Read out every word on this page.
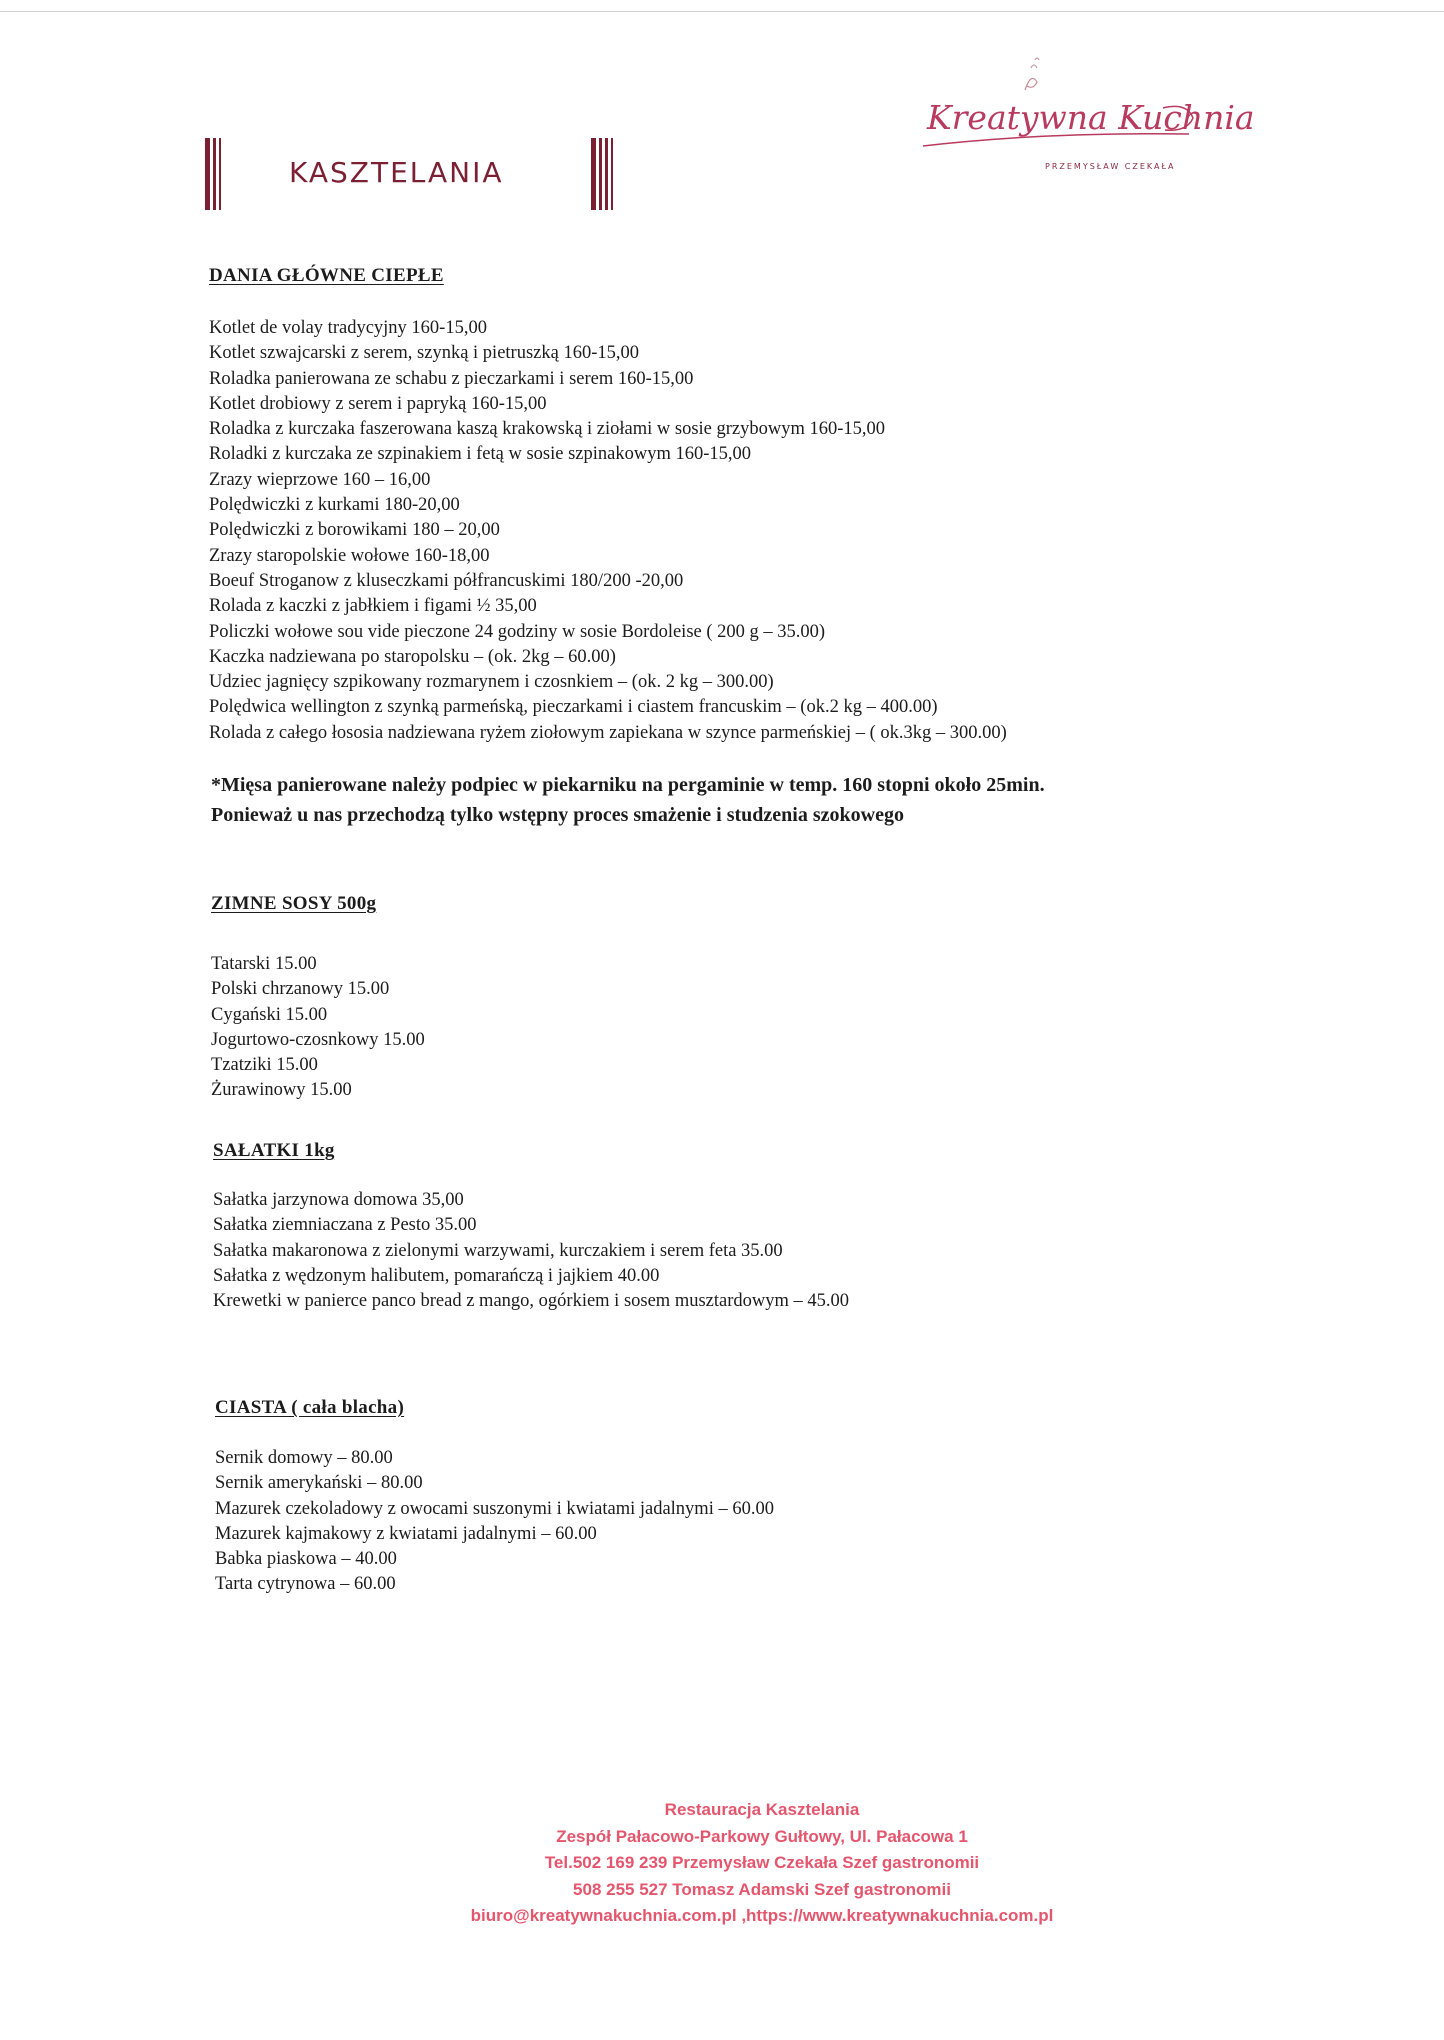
KASZTELANIA
Kreatywna Kuchnia
PRZEMYSŁAW CZEKAŁA
DANIA GŁÓWNE CIEPŁE
Kotlet de volay tradycyjny 160-15,00
Kotlet szwajcarski z serem, szynką i pietruszką 160-15,00
Roladka panierowana ze schabu z pieczarkami i serem 160-15,00
Kotlet drobiowy z serem i papryką 160-15,00
Roladka z kurczaka faszerowana kaszą krakowską i ziołami w sosie grzybowym 160-15,00
Roladki z kurczaka ze szpinakiem i fetą w sosie szpinakowym 160-15,00
Zrazy wieprzowe 160 – 16,00
Polędwiczki z kurkami 180-20,00
Polędwiczki z borowikami 180 – 20,00
Zrazy staropolskie wołowe 160-18,00
Boeuf Stroganow z kluseczkami półfrancuskimi 180/200 -20,00
Rolada z kaczki z jabłkiem i figami ½ 35,00
Policzki wołowe sou vide pieczone 24 godziny w sosie Bordoleise ( 200 g – 35.00)
Kaczka nadziewana po staropolsku – (ok. 2kg – 60.00)
Udziec jagnięcy szpikowany rozmarynem i czosnkiem – (ok. 2 kg – 300.00)
Polędwica wellington z szynką parmeńską, pieczarkami i ciastem francuskim – (ok.2 kg – 400.00)
Rolada z całego łososia nadziewana ryżem ziołowym zapiekana w szynce parmeńskiej – ( ok.3kg – 300.00)

*Mięsa panierowane należy podpiec w piekarniku na pergaminie w temp. 160 stopni około 25min.
Ponieważ u nas przechodzą tylko wstępny proces smażenie i studzenia szokowego

ZIMNE SOSY 500g
Tatarski 15.00
Polski chrzanowy 15.00
Cygański 15.00
Jogurtowo-czosnkowy 15.00
Tzatziki 15.00
Żurawinowy 15.00
SAŁATKI 1kg
Sałatka jarzynowa domowa 35,00
Sałatka ziemniaczana z Pesto 35.00
Sałatka makaronowa z zielonymi warzywami, kurczakiem i serem feta 35.00
Sałatka z wędzonym halibutem, pomarańczą i jajkiem 40.00
Krewetki w panierce panco bread z mango, ogórkiem i sosem musztardowym – 45.00
CIASTA ( cała blacha)
Sernik domowy – 80.00
Sernik amerykański – 80.00
Mazurek czekoladowy z owocami suszonymi i kwiatami jadalnymi – 60.00
Mazurek kajmakowy z kwiatami jadalnymi – 60.00
Babka piaskowa – 40.00
Tarta cytrynowa – 60.00
Restauracja Kasztelania
Zespół Pałacowo-Parkowy Gułtowy, Ul. Pałacowa 1
Tel.502 169 239 Przemysław Czekała Szef gastronomii
508 255 527 Tomasz Adamski Szef gastronomii
biuro@kreatywnakuchnia.com.pl ,https://www.kreatywnakuchnia.com.pl
